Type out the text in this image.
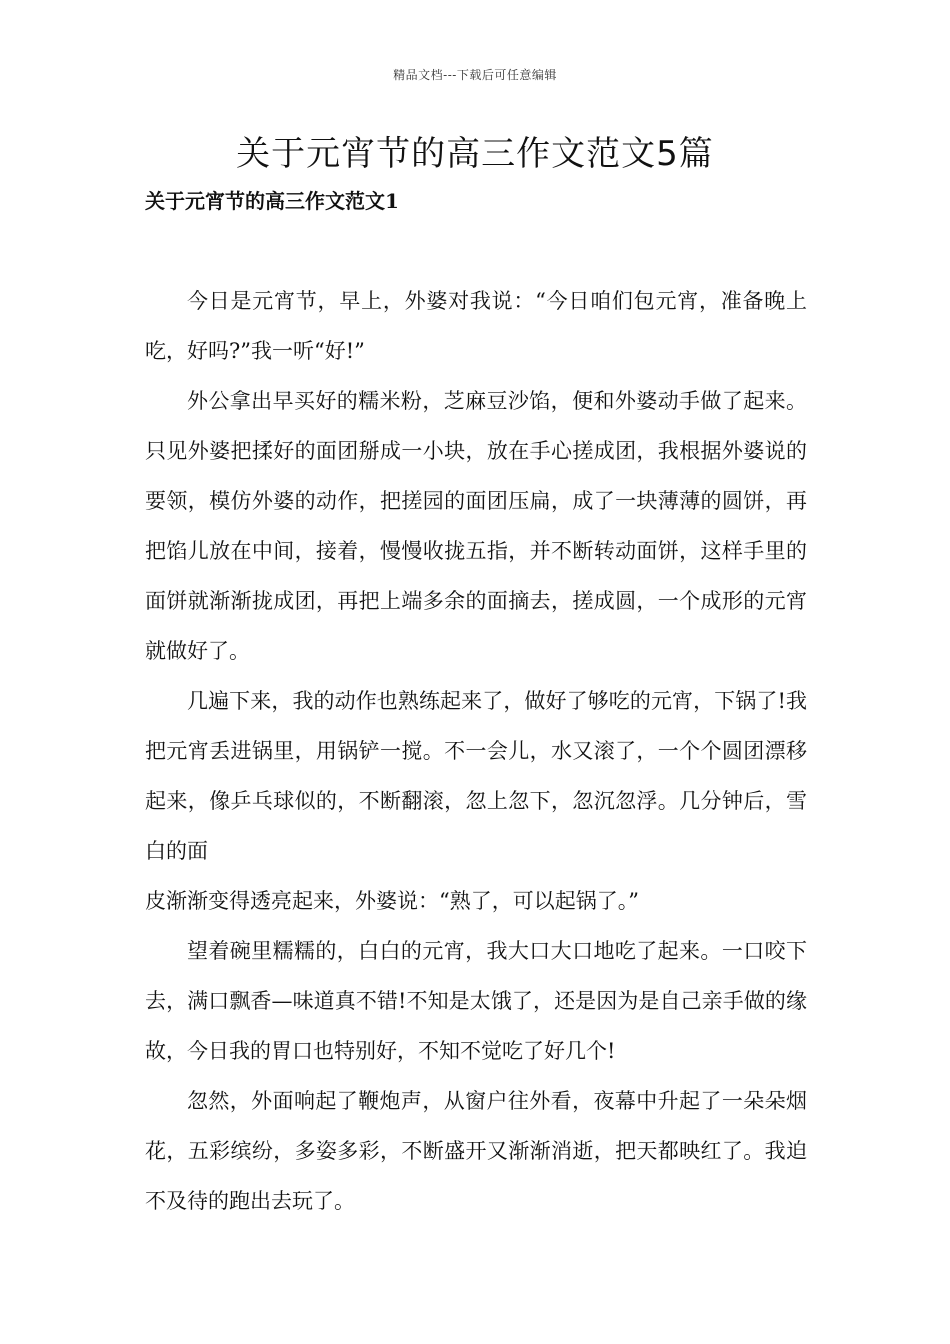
精品文档---下载后可任意编辑
关于元宵节的高三作文范文5篇
关于元宵节的高三作文范文1

今日是元宵节，早上，外婆对我说：“今日咱们包元宵，准备晚上吃，好吗?”我一听“好!”

外公拿出早买好的糯米粉，芝麻豆沙馅，便和外婆动手做了起来。只见外婆把揉好的面团掰成一小块，放在手心搓成团，我根据外婆说的要领，模仿外婆的动作，把搓园的面团压扁，成了一块薄薄的圆饼，再把馅儿放在中间，接着，慢慢收拢五指，并不断转动面饼，这样手里的面饼就渐渐拢成团，再把上端多余的面摘去，搓成圆，一个成形的元宵就做好了。

几遍下来，我的动作也熟练起来了，做好了够吃的元宵，下锅了!我把元宵丢进锅里，用锅铲一搅。不一会儿，水又滚了，一个个圆团漂移起来，像乒乓球似的，不断翻滚，忽上忽下，忽沉忽浮。几分钟后，雪白的面

皮渐渐变得透亮起来，外婆说：“熟了，可以起锅了。”

望着碗里糯糯的，白白的元宵，我大口大口地吃了起来。一口咬下去，满口飘香—味道真不错!不知是太饿了，还是因为是自己亲手做的缘故，今日我的胃口也特别好，不知不觉吃了好几个!

忽然，外面响起了鞭炮声，从窗户往外看，夜幕中升起了一朵朵烟花，五彩缤纷，多姿多彩，不断盛开又渐渐消逝，把天都映红了。我迫不及待的跑出去玩了。
